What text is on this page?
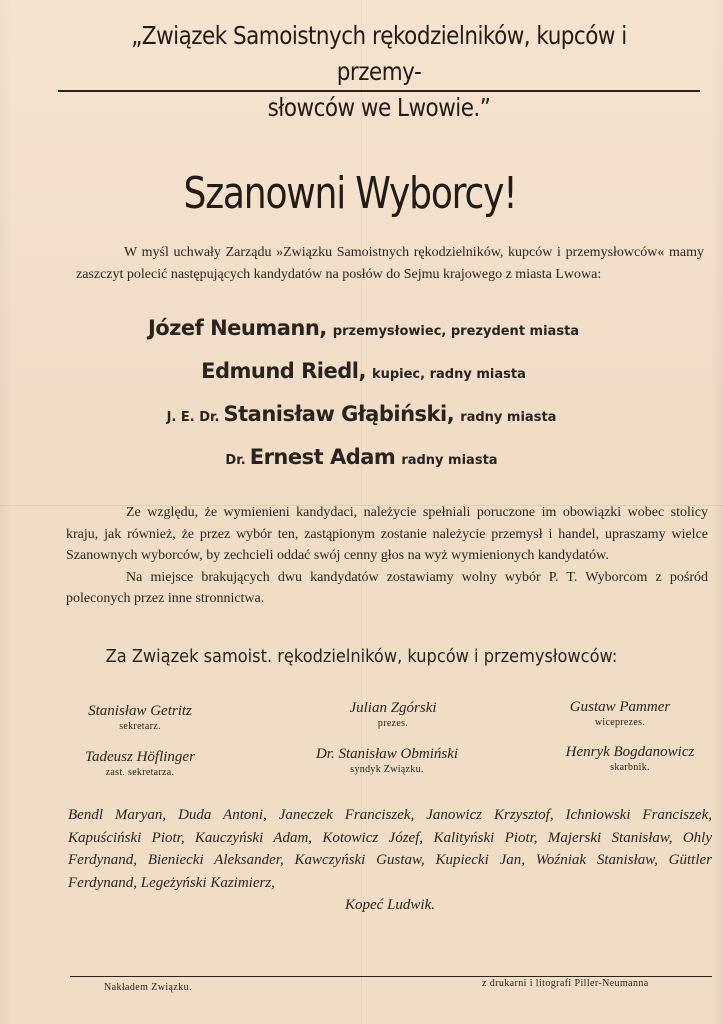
„Związek Samoistnych rękodzielników, kupców i przemy-
słowców we Lwowie.”
Szanowni Wyborcy!
W myśl uchwały Zarządu »Związku Samoistnych rękodzielników, kupców i przemysłowców« mamy zaszczyt polecić następujących kandydatów na posłów do Sejmu krajowego z miasta Lwowa:
Józef Neumann, przemysłowiec, prezydent miasta
Edmund Riedl, kupiec, radny miasta
J. E. Dr. Stanisław Głąbiński, radny miasta
Dr. Ernest Adam radny miasta

Ze względu, że wymienieni kandydaci, należycie spełniali poruczone im obowiązki wobec stolicy kraju, jak również, że przez wybór ten, zastąpionym zostanie należycie przemysł i handel, upraszamy wielce Szanownych wyborców, by zechcieli oddać swój cenny głos na wyż wymienionych kandydatów.

Na miejsce brakujących dwu kandydatów zostawiamy wolny wybór P. T. Wyborcom z pośród poleconych przez inne stronnictwa.

Za Związek samoist. rękodzielników, kupców i przemysłowców:
Stanisław Getritz
sekretarz.
Julian Zgórski
prezes.
Gustaw Pammer
wiceprezes.
Tadeusz Höflinger
zast. sekretarza.
Dr. Stanisław Obmiński
syndyk Związku.
Henryk Bogdanowicz
skarbnik.
Bendl Maryan, Duda Antoni, Janeczek Franciszek, Janowicz Krzysztof, Ichniowski Franciszek, Kapuściński Piotr, Kauczyński Adam, Kotowicz Józef, Kalityński Piotr, Majerski Stanisław, Ohly Ferdynand, Bieniecki Aleksander, Kawczyński Gustaw, Kupiecki Jan, Woźniak Stanisław, Güttler Ferdynand, Legeżyński Kazimierz,
Kopeć Ludwik.
Nakładem Związku.	z drukarni i litografi Piller-Neumanna
